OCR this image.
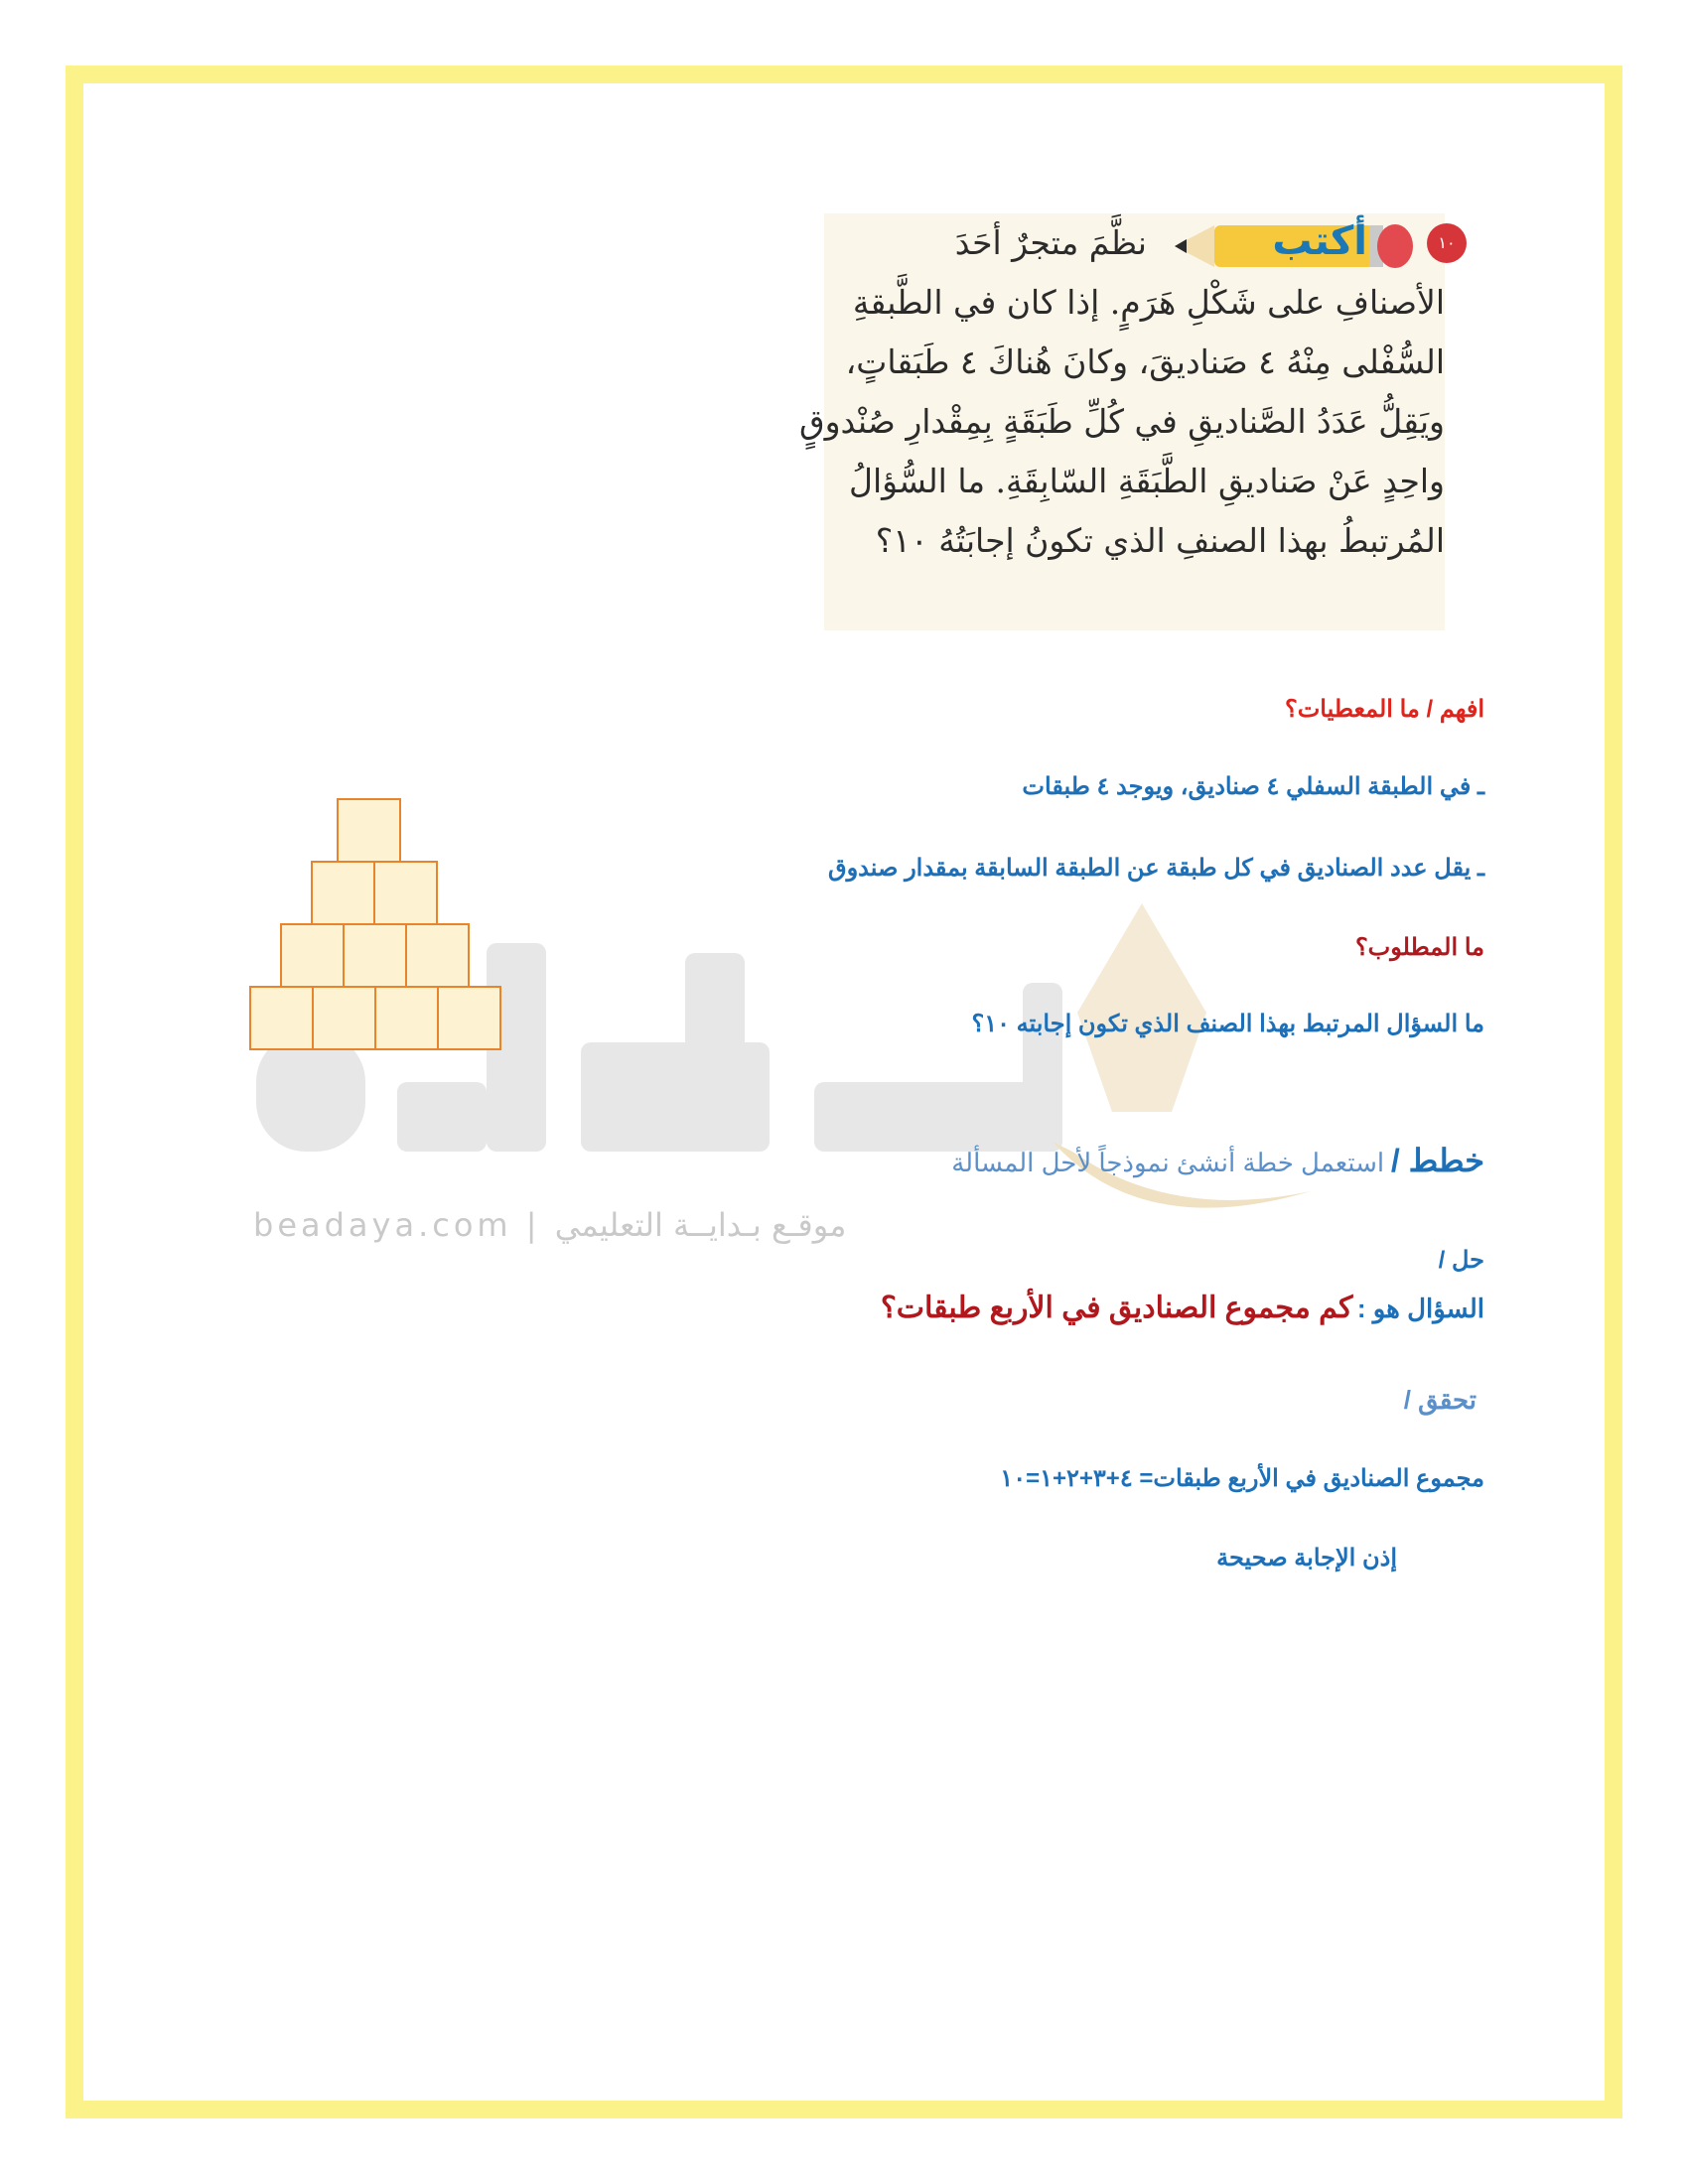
beadaya.com | موقـع بـدايــة التعليمي
١٠
أكتب
نظَّمَ متجرٌ أحَدَ
الأصنافِ على شَكْلِ هَرَمٍ. إذا كان في الطَّبقةِ
السُّفْلى مِنْهُ ٤ صَناديقَ، وكانَ هُناكَ ٤ طَبَقاتٍ،
ويَقِلُّ عَدَدُ الصَّناديقِ في كُلِّ طَبَقَةٍ بِمِقْدارِ صُنْدوقٍ
واحِدٍ عَنْ صَناديقِ الطَّبَقَةِ السّابِقَةِ. ما السُّؤالُ
المُرتبطُ بهذا الصنفِ الذي تكونُ إجابَتُهُ ١٠؟
افهم / ما المعطيات؟
ـ في الطبقة السفلي ٤ صناديق، ويوجد ٤ طبقات
ـ يقل عدد الصناديق في كل طبقة عن الطبقة السابقة بمقدار صندوق
ما المطلوب؟
ما السؤال المرتبط بهذا الصنف الذي تكون إجابته ١٠؟
خطط / استعمل خطة أنشئ نموذجاً لأحل المسألة
حل /
السؤال هو : كم مجموع الصناديق في الأربع طبقات؟
تحقق /
مجموع الصناديق في الأربع طبقات= ٤+٣+٢+١=١٠
إذن الإجابة صحيحة
